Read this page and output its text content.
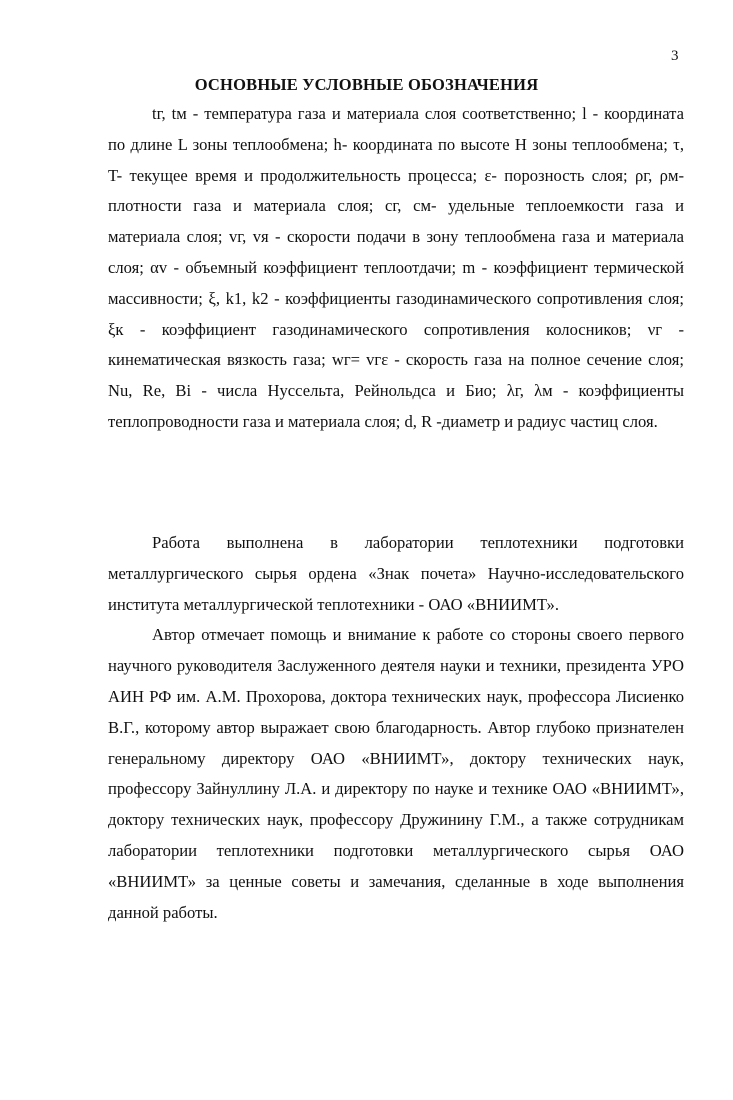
3
ОСНОВНЫЕ УСЛОВНЫЕ ОБОЗНАЧЕНИЯ

tг, tм - температура газа и материала слоя соответственно; l - координата по длине L зоны теплообмена; h- координата по высоте H зоны теплообмена; τ, T- текущее время и продолжительность процесса; ε- порозность слоя; ρг, ρм- плотности газа и материала слоя; cг, cм- удельные теплоемкости газа и материала слоя; vг, vя - скорости подачи в зону теплообмена газа и материала слоя; αv - объемный коэффициент теплоотдачи; m - коэффициент термической массивности; ξ, k1, k2 - коэффициенты газодинамического сопротивления слоя; ξк - коэффициент газодинамического сопротивления колосников; νг - кинематическая вязкость газа; wг= vгε - скорость газа на полное сечение слоя; Nu, Re, Bi - числа Нуссельта, Рейнольдса и Био; λг, λм - коэффициенты теплопроводности газа и материала слоя; d, R -диаметр и радиус частиц слоя.

Работа выполнена в лаборатории теплотехники подготовки металлургического сырья ордена «Знак почета» Научно-исследовательского института металлургической теплотехники - ОАО «ВНИИМТ».

Автор отмечает помощь и внимание к работе со стороны своего первого научного руководителя Заслуженного деятеля науки и техники, президента УРО АИН РФ им. А.М. Прохорова, доктора технических наук, профессора Лисиенко В.Г., которому автор выражает свою благодарность. Автор глубоко признателен генеральному директору ОАО «ВНИИМТ», доктору технических наук, профессору Зайнуллину Л.А. и директору по науке и технике ОАО «ВНИИМТ», доктору технических наук, профессору Дружинину Г.М., а также сотрудникам лаборатории теплотехники подготовки металлургического сырья ОАО «ВНИИМТ» за ценные советы и замечания, сделанные в ходе выполнения данной работы.
